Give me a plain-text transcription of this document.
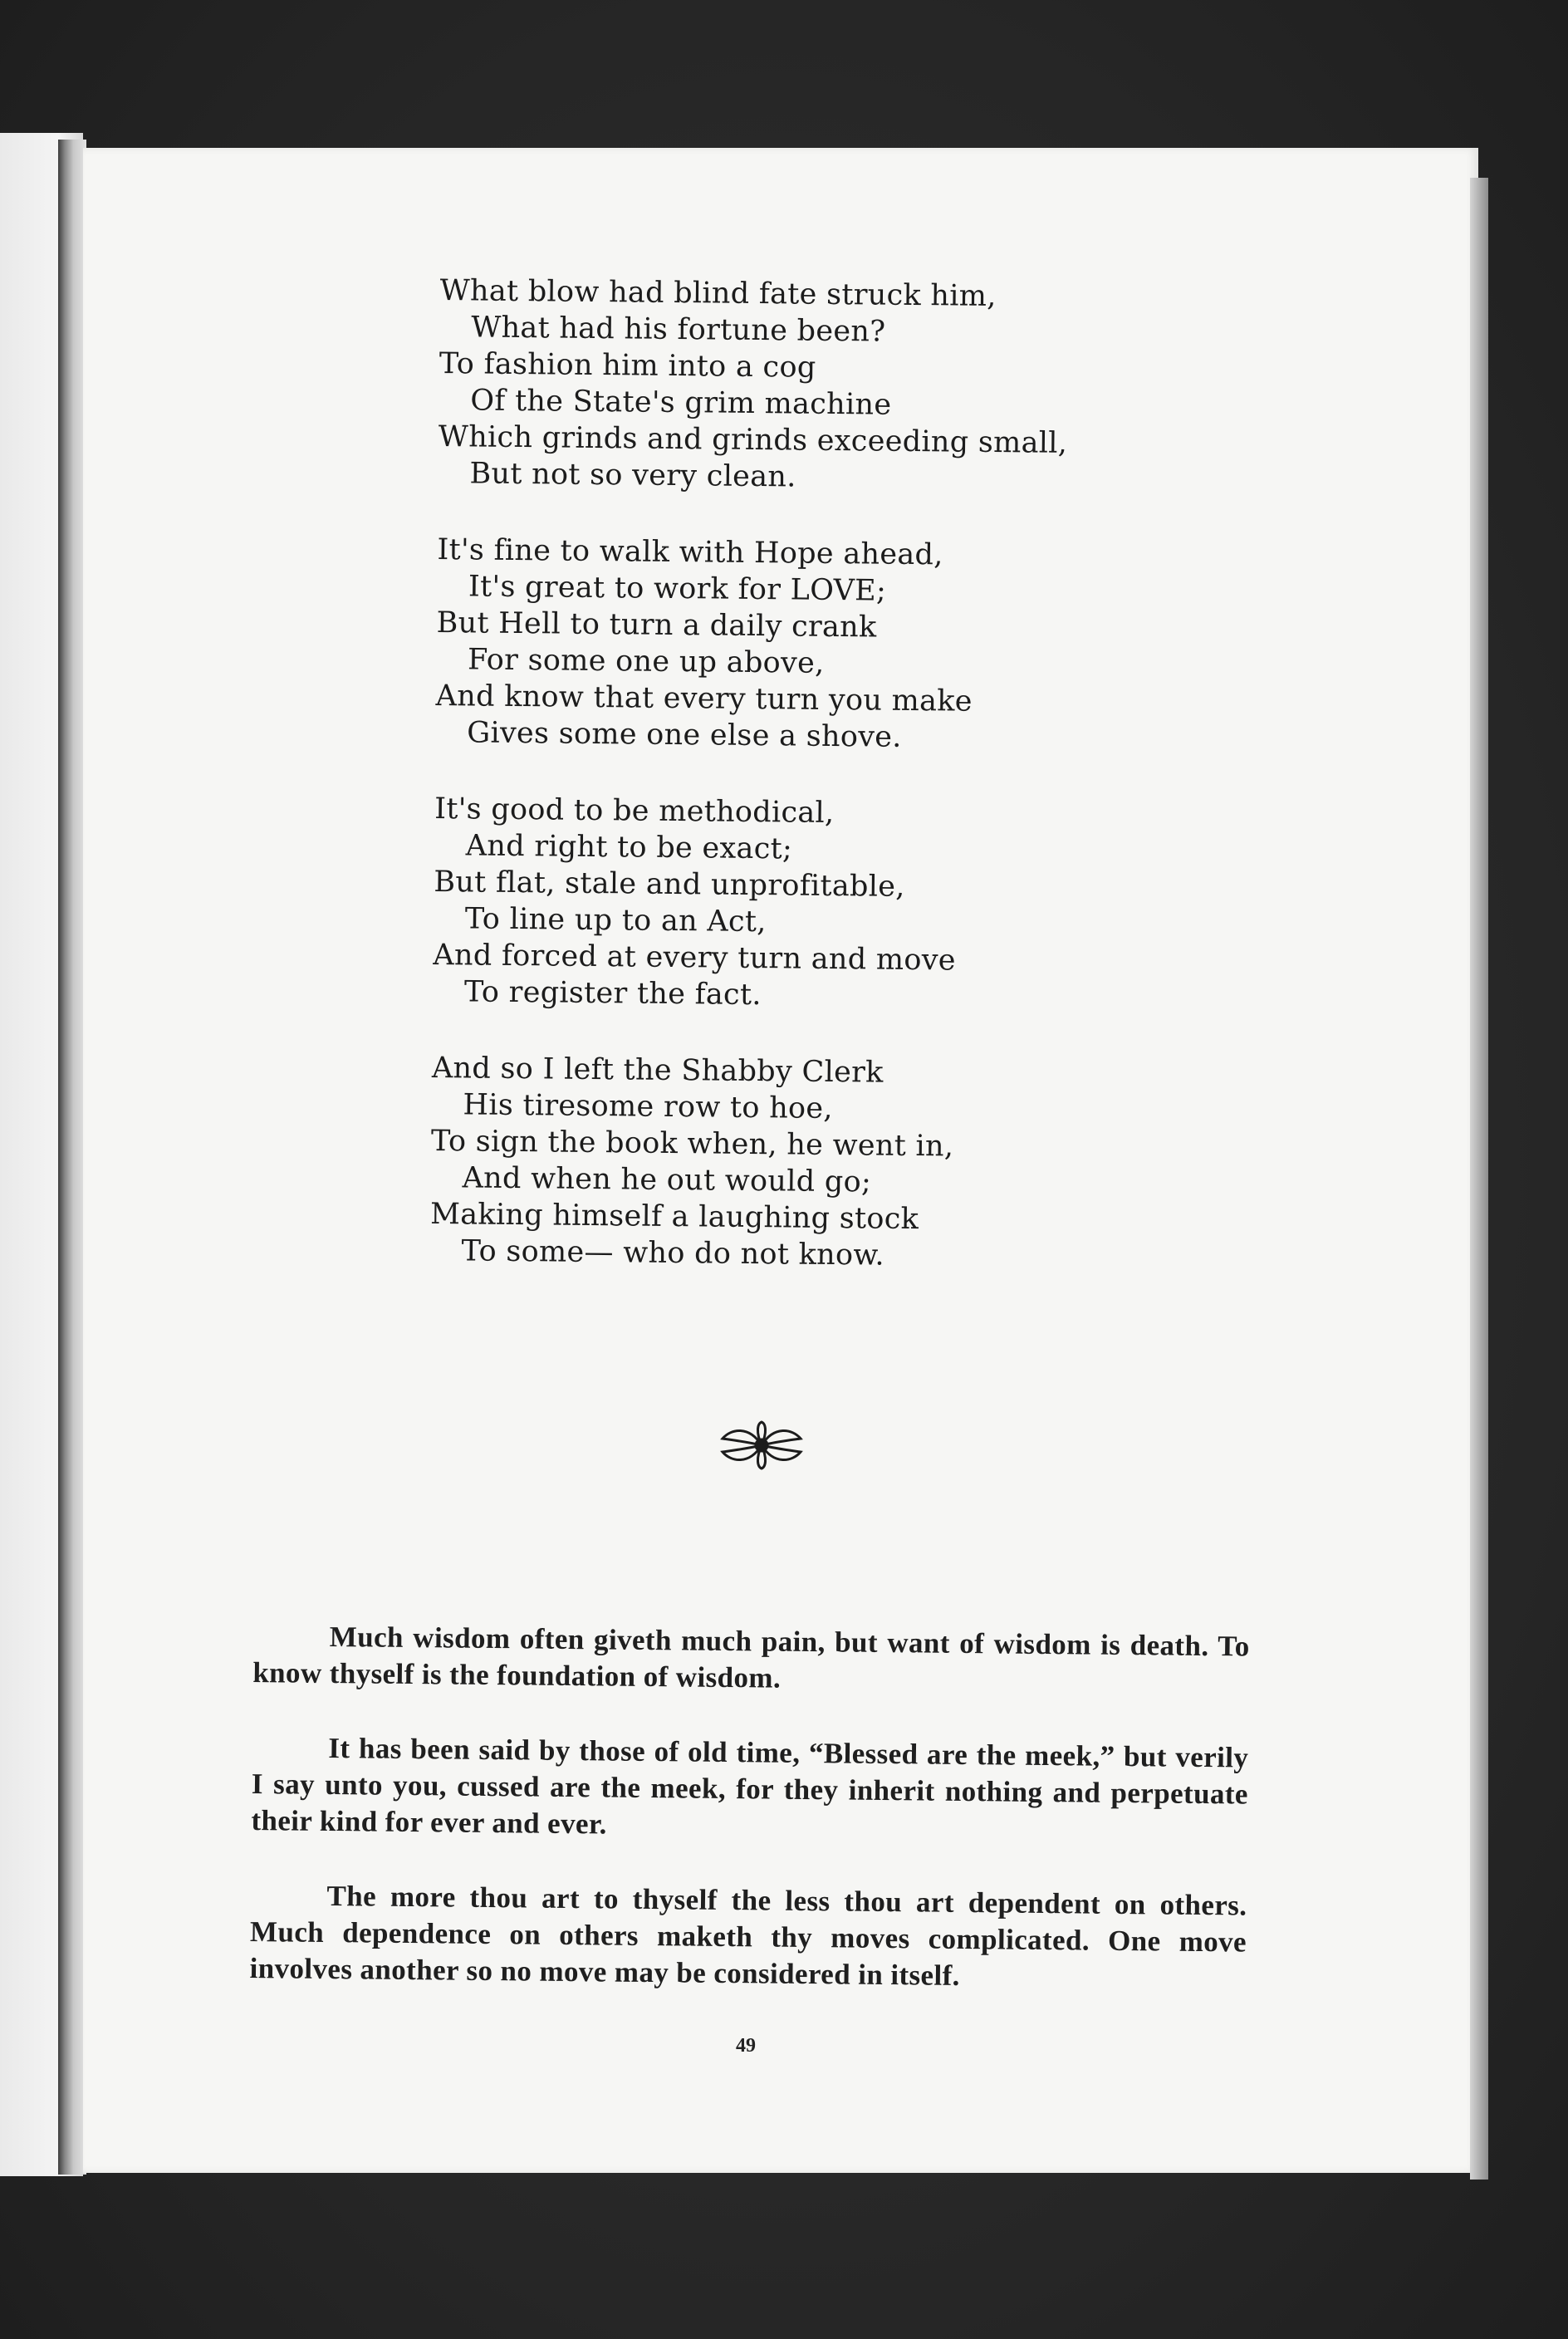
What blow had blind fate struck him,
What had his fortune been?
To fashion him into a cog
Of the State's grim machine
Which grinds and grinds exceeding small,
But not so very clean.
It's fine to walk with Hope ahead,
It's great to work for LOVE;
But Hell to turn a daily crank
For some one up above,
And know that every turn you make
Gives some one else a shove.
It's good to be methodical,
And right to be exact;
But flat, stale and unprofitable,
To line up to an Act,
And forced at every turn and move
To register the fact.
And so I left the Shabby Clerk
His tiresome row to hoe,
To sign the book when, he went in,
And when he out would go;
Making himself a laughing stock
To some— who do not know.

Much wisdom often giveth much pain, but want of wisdom is death. To know thyself is the foundation of wisdom.

It has been said by those of old time, “Blessed are the meek,” but verily I say unto you, cussed are the meek, for they inherit nothing and perpetuate their kind for ever and ever.

The more thou art to thyself the less thou art dependent on others. Much dependence on others maketh thy moves complicated. One move involves another so no move may be considered in itself.

49
